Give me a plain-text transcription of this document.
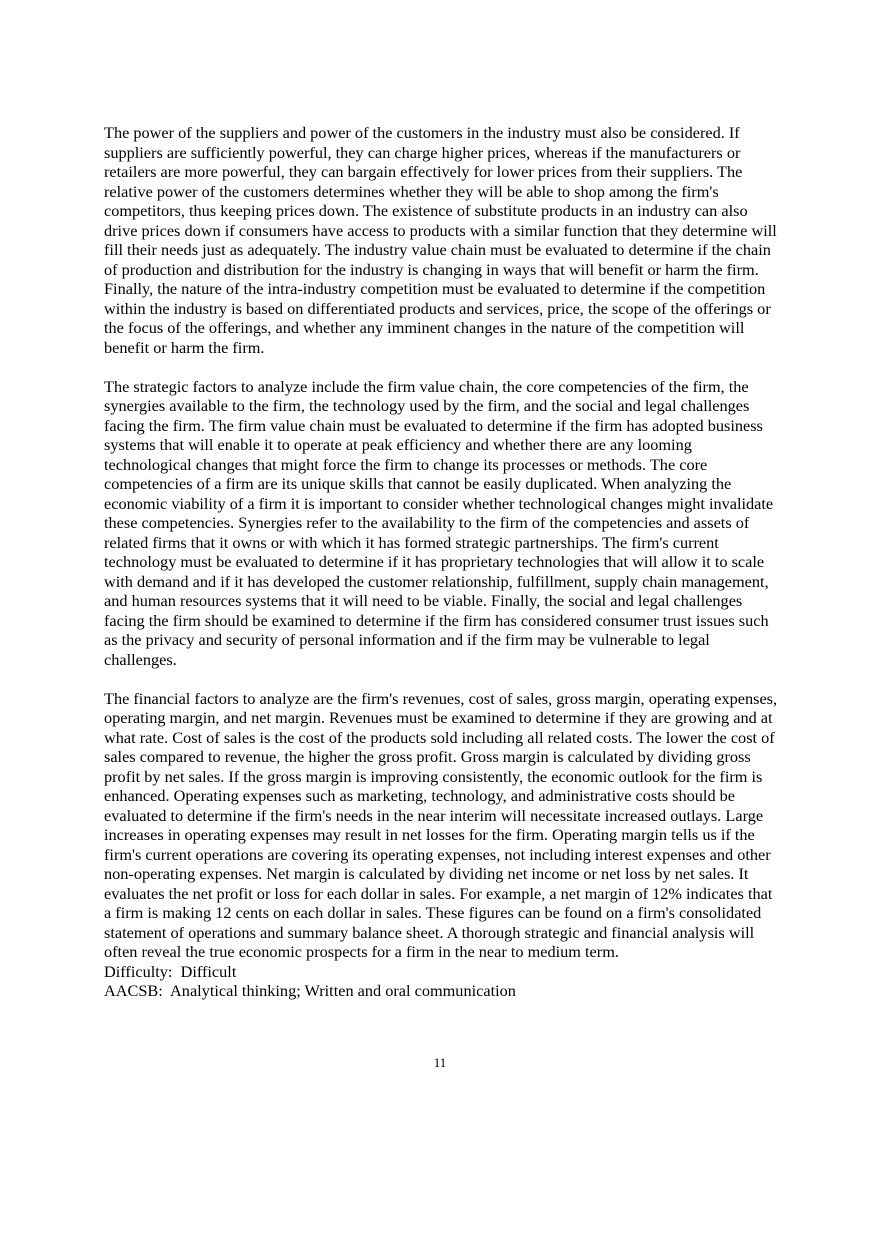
The power of the suppliers and power of the customers in the industry must also be considered. If suppliers are sufficiently powerful, they can charge higher prices, whereas if the manufacturers or retailers are more powerful, they can bargain effectively for lower prices from their suppliers. The relative power of the customers determines whether they will be able to shop among the firm's competitors, thus keeping prices down. The existence of substitute products in an industry can also drive prices down if consumers have access to products with a similar function that they determine will fill their needs just as adequately. The industry value chain must be evaluated to determine if the chain of production and distribution for the industry is changing in ways that will benefit or harm the firm. Finally, the nature of the intra-industry competition must be evaluated to determine if the competition within the industry is based on differentiated products and services, price, the scope of the offerings or the focus of the offerings, and whether any imminent changes in the nature of the competition will benefit or harm the firm.

The strategic factors to analyze include the firm value chain, the core competencies of the firm, the synergies available to the firm, the technology used by the firm, and the social and legal challenges facing the firm. The firm value chain must be evaluated to determine if the firm has adopted business systems that will enable it to operate at peak efficiency and whether there are any looming technological changes that might force the firm to change its processes or methods. The core competencies of a firm are its unique skills that cannot be easily duplicated. When analyzing the economic viability of a firm it is important to consider whether technological changes might invalidate these competencies. Synergies refer to the availability to the firm of the competencies and assets of related firms that it owns or with which it has formed strategic partnerships. The firm's current technology must be evaluated to determine if it has proprietary technologies that will allow it to scale with demand and if it has developed the customer relationship, fulfillment, supply chain management, and human resources systems that it will need to be viable. Finally, the social and legal challenges facing the firm should be examined to determine if the firm has considered consumer trust issues such as the privacy and security of personal information and if the firm may be vulnerable to legal challenges.

The financial factors to analyze are the firm's revenues, cost of sales, gross margin, operating expenses, operating margin, and net margin. Revenues must be examined to determine if they are growing and at what rate. Cost of sales is the cost of the products sold including all related costs. The lower the cost of sales compared to revenue, the higher the gross profit. Gross margin is calculated by dividing gross profit by net sales. If the gross margin is improving consistently, the economic outlook for the firm is enhanced. Operating expenses such as marketing, technology, and administrative costs should be evaluated to determine if the firm's needs in the near interim will necessitate increased outlays. Large increases in operating expenses may result in net losses for the firm. Operating margin tells us if the firm's current operations are covering its operating expenses, not including interest expenses and other non-operating expenses. Net margin is calculated by dividing net income or net loss by net sales. It evaluates the net profit or loss for each dollar in sales. For example, a net margin of 12% indicates that a firm is making 12 cents on each dollar in sales. These figures can be found on a firm's consolidated statement of operations and summary balance sheet. A thorough strategic and financial analysis will often reveal the true economic prospects for a firm in the near to medium term.

Difficulty:  Difficult

AACSB:  Analytical thinking; Written and oral communication

11
